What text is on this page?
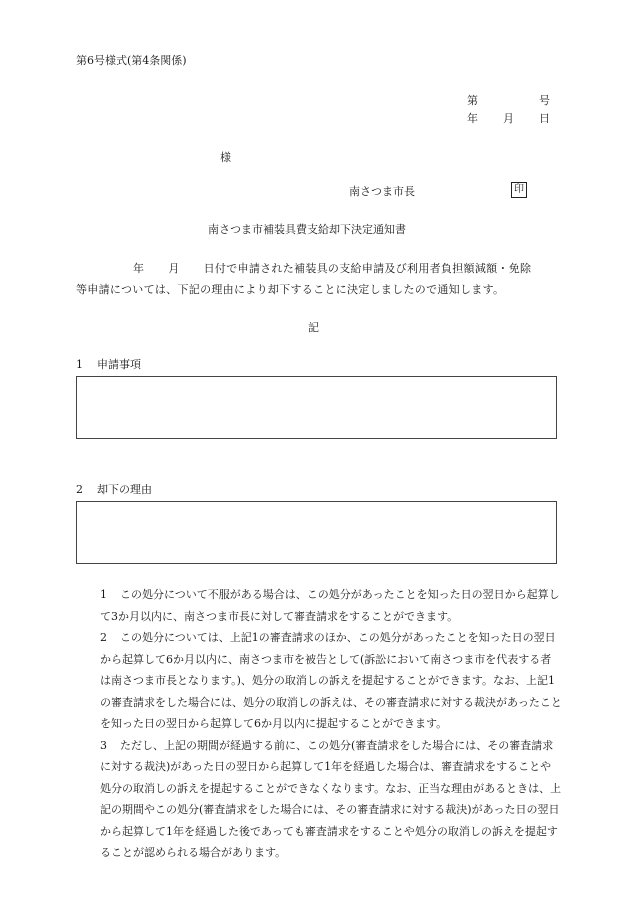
第6号様式(第4条関係)
第	号
年 月 日
様
南さつま市長	印
南さつま市補装具費支給却下決定通知書
年 月 日付で申請された補装具の支給申請及び利用者負担額減額・免除
等申請については、下記の理由により却下することに決定しましたので通知します。
記
1 申請事項
2 却下の理由
1	この処分について不服がある場合は、この処分があったことを知った日の翌日から起算して3か月以内に、南さつま市長に対して審査請求をすることができます。
2	この処分については、上記1の審査請求のほか、この処分があったことを知った日の翌日から起算して6か月以内に、南さつま市を被告として(訴訟において南さつま市を代表する者は南さつま市長となります。)、処分の取消しの訴えを提起することができます。なお、上記1の審査請求をした場合には、処分の取消しの訴えは、その審査請求に対する裁決があったことを知った日の翌日から起算して6か月以内に提起することができます。
3	ただし、上記の期間が経過する前に、この処分(審査請求をした場合には、その審査請求に対する裁決)があった日の翌日から起算して1年を経過した場合は、審査請求をすることや処分の取消しの訴えを提起することができなくなります。なお、正当な理由があるときは、上記の期間やこの処分(審査請求をした場合には、その審査請求に対する裁決)があった日の翌日から起算して1年を経過した後であっても審査請求をすることや処分の取消しの訴えを提起することが認められる場合があります。
